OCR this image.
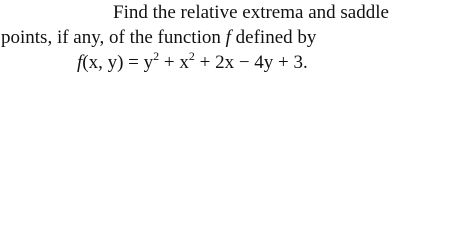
Find the relative extrema and saddle
points, if any, of the function f defined by
f(x, $y) = y^2 + x^2 + 2x - 4y + 3$.
